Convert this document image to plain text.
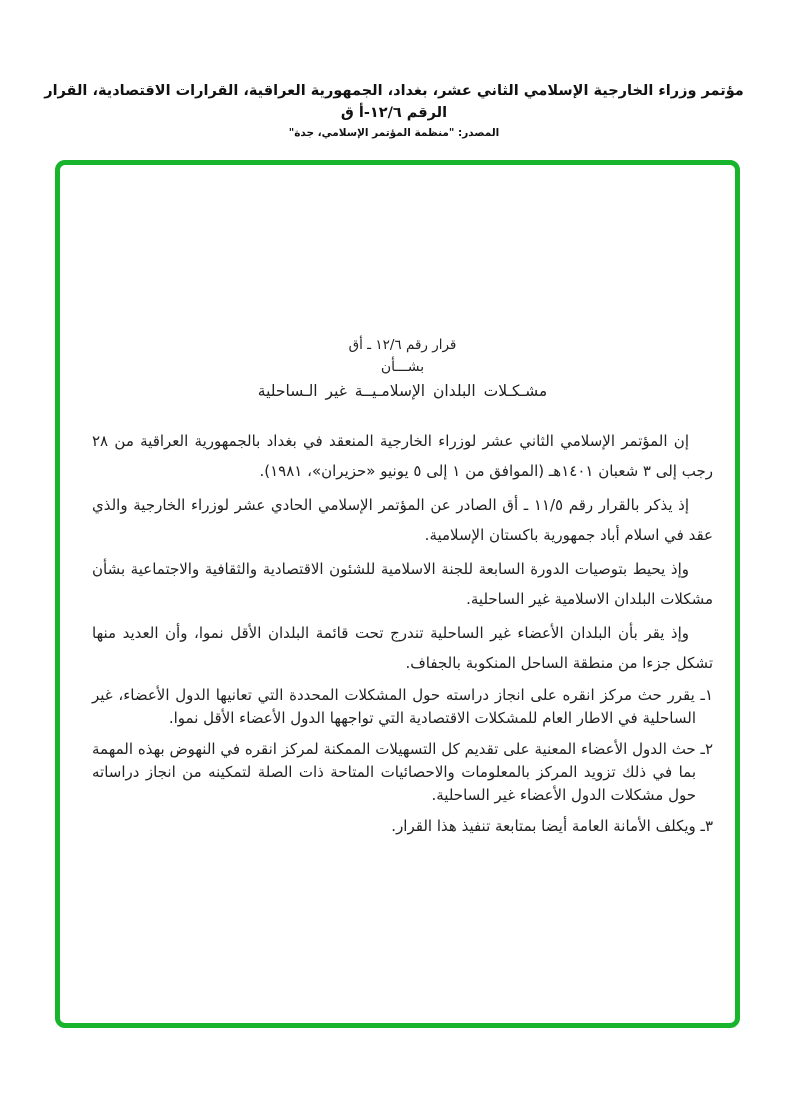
مؤتمر وزراء الخارجية الإسلامي الثاني عشر، بغداد، الجمهورية العراقية، القرارات الاقتصادية، القرار الرقم ١٢/٦-أ ق
المصدر: "منظمة المؤتمر الإسلامي، جدة"
قرار رقم ١٢/٦ ـ أق
بشـــأن
مشـكـلات البلدان الإسلامـيــة غير الـساحلية

إن المؤتمر الإسلامي الثاني عشر لوزراء الخارجية المنعقد في بغداد بالجمهورية العراقية من ٢٨ رجب إلى ٣ شعبان ١٤٠١هـ (الموافق من ١ إلى ٥ يونيو «حزيران»، ١٩٨١).

إذ يذكر بالقرار رقم ١١/٥ ـ أق الصادر عن المؤتمر الإسلامي الحادي عشر لوزراء الخارجية والذي عقد في اسلام أباد جمهورية باكستان الإسلامية.

وإذ يحيط بتوصيات الدورة السابعة للجنة الاسلامية للشئون الاقتصادية والثقافية والاجتماعية بشأن مشكلات البلدان الاسلامية غير الساحلية.

وإذ يقر بأن البلدان الأعضاء غير الساحلية تندرج تحت قائمة البلدان الأقل نموا، وأن العديد منها تشكل جزءا من منطقة الساحل المنكوبة بالجفاف.

١ـ يقرر حث مركز انقره على انجاز دراسته حول المشكلات المحددة التي تعانيها الدول الأعضاء، غير الساحلية في الاطار العام للمشكلات الاقتصادية التي تواجهها الدول الأعضاء الأقل نموا.
٢ـ حث الدول الأعضاء المعنية على تقديم كل التسهيلات الممكنة لمركز انقره في النهوض بهذه المهمة بما في ذلك تزويد المركز بالمعلومات والاحصائيات المتاحة ذات الصلة لتمكينه من انجاز دراساته حول مشكلات الدول الأعضاء غير الساحلية.
٣ـ ويكلف الأمانة العامة أيضا بمتابعة تنفيذ هذا القرار.
